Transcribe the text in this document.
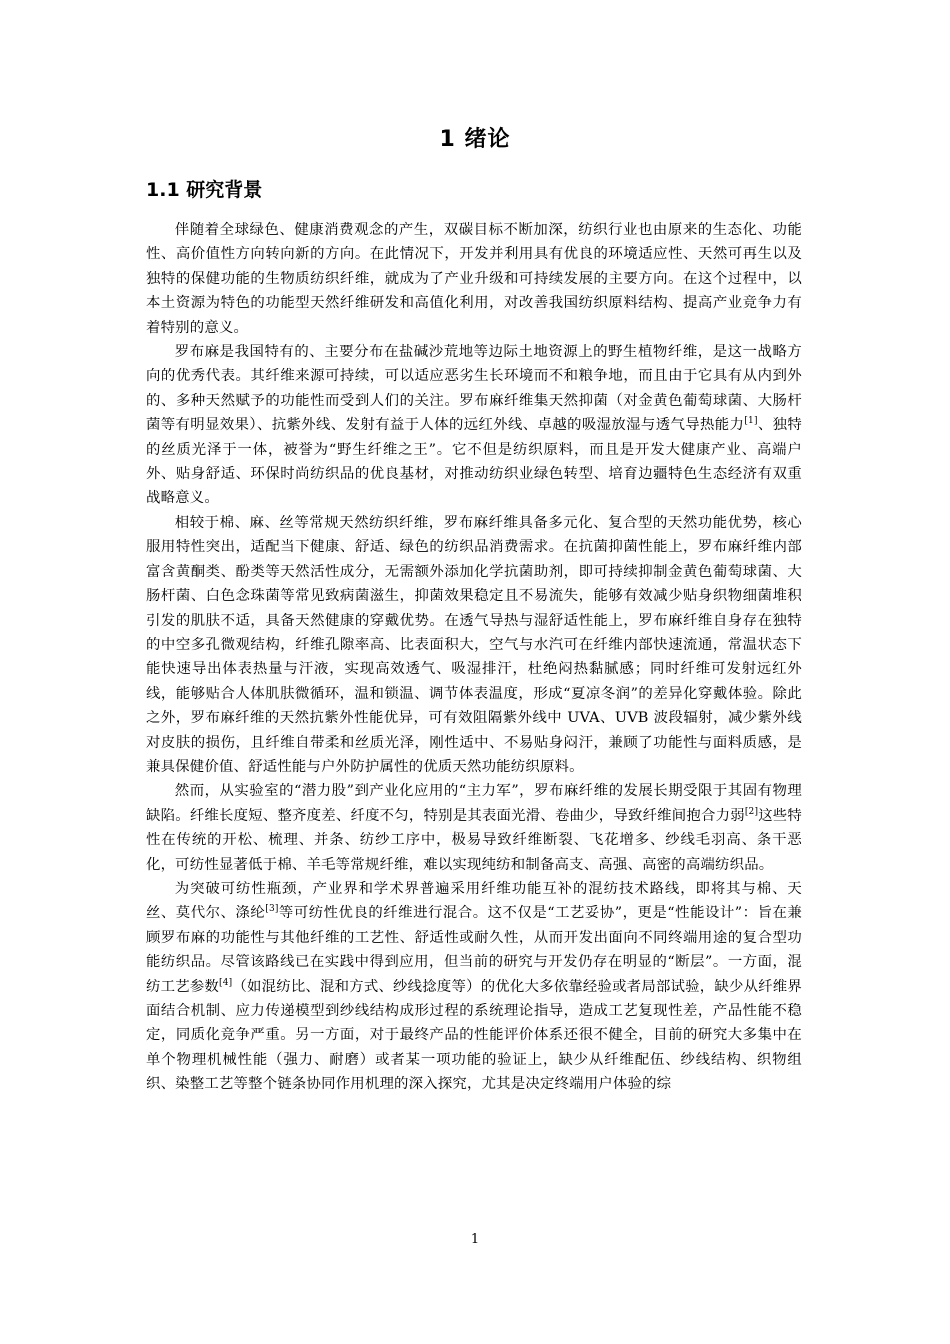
1 绪论
1.1 研究背景

伴随着全球绿色、健康消费观念的产生，双碳目标不断加深，纺织行业也由原来的生态化、功能性、高价值性方向转向新的方向。在此情况下，开发并利用具有优良的环境适应性、天然可再生以及独特的保健功能的生物质纺织纤维，就成为了产业升级和可持续发展的主要方向。在这个过程中，以本土资源为特色的功能型天然纤维研发和高值化利用，对改善我国纺织原料结构、提高产业竞争力有着特别的意义。

罗布麻是我国特有的、主要分布在盐碱沙荒地等边际土地资源上的野生植物纤维，是这一战略方向的优秀代表。其纤维来源可持续，可以适应恶劣生长环境而不和粮争地，而且由于它具有从内到外的、多种天然赋予的功能性而受到人们的关注。罗布麻纤维集天然抑菌（对金黄色葡萄球菌、大肠杆菌等有明显效果）、抗紫外线、发射有益于人体的远红外线、卓越的吸湿放湿与透气导热能力[1]、独特的丝质光泽于一体，被誉为“野生纤维之王”。它不但是纺织原料，而且是开发大健康产业、高端户外、贴身舒适、环保时尚纺织品的优良基材，对推动纺织业绿色转型、培育边疆特色生态经济有双重战略意义。

相较于棉、麻、丝等常规天然纺织纤维，罗布麻纤维具备多元化、复合型的天然功能优势，核心服用特性突出，适配当下健康、舒适、绿色的纺织品消费需求。在抗菌抑菌性能上，罗布麻纤维内部富含黄酮类、酚类等天然活性成分，无需额外添加化学抗菌助剂，即可持续抑制金黄色葡萄球菌、大肠杆菌、白色念珠菌等常见致病菌滋生，抑菌效果稳定且不易流失，能够有效减少贴身织物细菌堆积引发的肌肤不适，具备天然健康的穿戴优势。在透气导热与湿舒适性能上，罗布麻纤维自身存在独特的中空多孔微观结构，纤维孔隙率高、比表面积大，空气与水汽可在纤维内部快速流通，常温状态下能快速导出体表热量与汗液，实现高效透气、吸湿排汗，杜绝闷热黏腻感；同时纤维可发射远红外线，能够贴合人体肌肤微循环，温和锁温、调节体表温度，形成“夏凉冬润”的差异化穿戴体验。除此之外，罗布麻纤维的天然抗紫外性能优异，可有效阻隔紫外线中 UVA、UVB 波段辐射，减少紫外线对皮肤的损伤，且纤维自带柔和丝质光泽，刚性适中、不易贴身闷汗，兼顾了功能性与面料质感，是兼具保健价值、舒适性能与户外防护属性的优质天然功能纺织原料。

然而，从实验室的“潜力股”到产业化应用的“主力军”，罗布麻纤维的发展长期受限于其固有物理缺陷。纤维长度短、整齐度差、纤度不匀，特别是其表面光滑、卷曲少，导致纤维间抱合力弱[2]这些特性在传统的开松、梳理、并条、纺纱工序中，极易导致纤维断裂、飞花增多、纱线毛羽高、条干恶化，可纺性显著低于棉、羊毛等常规纤维，难以实现纯纺和制备高支、高强、高密的高端纺织品。

为突破可纺性瓶颈，产业界和学术界普遍采用纤维功能互补的混纺技术路线，即将其与棉、天丝、莫代尔、涤纶[3]等可纺性优良的纤维进行混合。这不仅是“工艺妥协”，更是“性能设计”：旨在兼顾罗布麻的功能性与其他纤维的工艺性、舒适性或耐久性，从而开发出面向不同终端用途的复合型功能纺织品。尽管该路线已在实践中得到应用，但当前的研究与开发仍存在明显的“断层”。一方面，混纺工艺参数[4]（如混纺比、混和方式、纱线捻度等）的优化大多依靠经验或者局部试验，缺少从纤维界面结合机制、应力传递模型到纱线结构成形过程的系统理论指导，造成工艺复现性差，产品性能不稳定，同质化竞争严重。另一方面，对于最终产品的性能评价体系还很不健全，目前的研究大多集中在单个物理机械性能（强力、耐磨）或者某一项功能的验证上，缺少从纤维配伍、纱线结构、织物组织、染整工艺等整个链条协同作用机理的深入探究，尤其是决定终端用户体验的综

1
